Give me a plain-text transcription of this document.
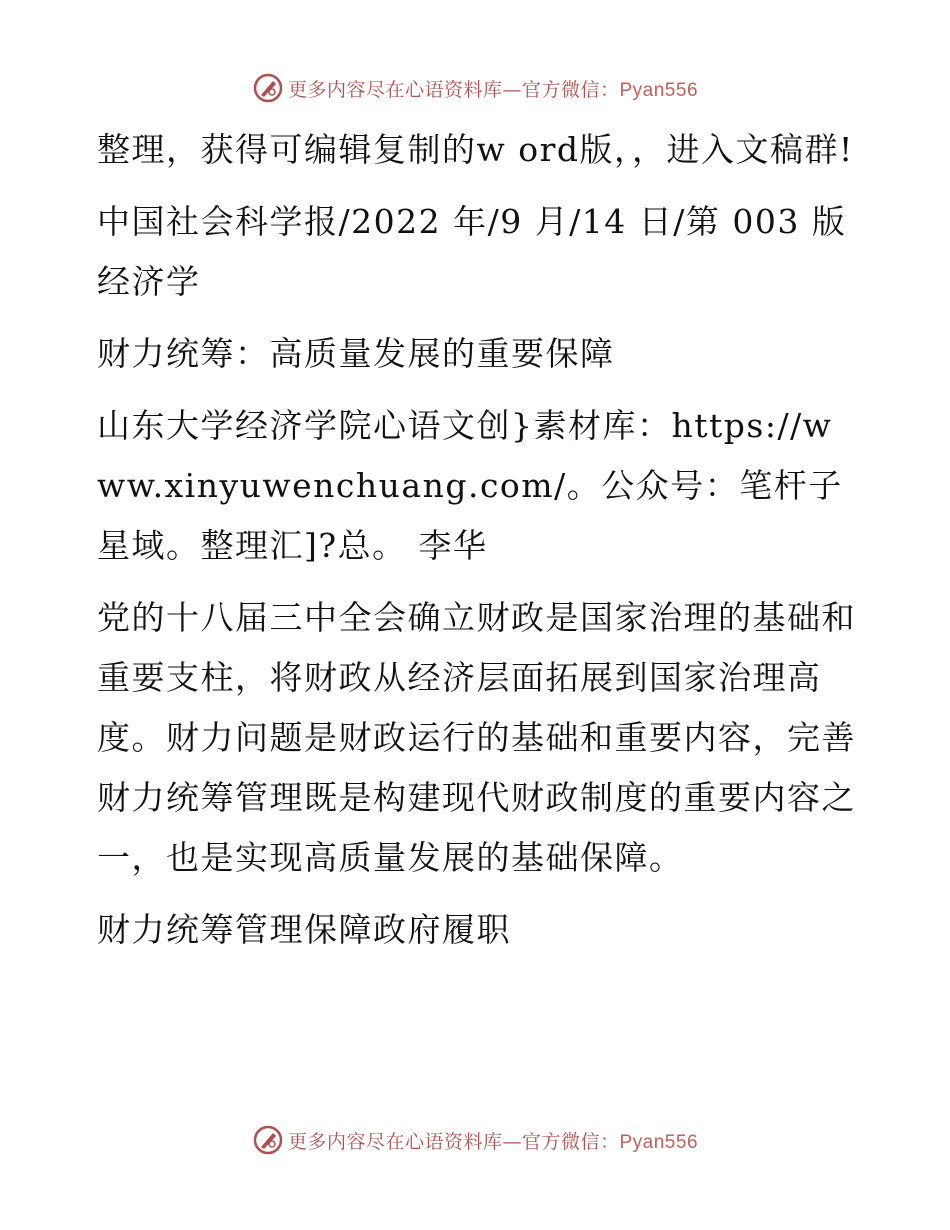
更多内容尽在心语资料库—官方微信：Pyan556

整理，获得可编辑复制的w ord版，，进入文稿群!

中国社会科学报/2022 年/9 月/14 日/第 003 版经济学

财力统筹：高质量发展的重要保障

山东大学经济学院心语文创}素材库：https://www.xinyuwenchuang.com/。公众号：笔杆子星域。整理汇]?总。 李华

党的十八届三中全会确立财政是国家治理的基础和重要支柱，将财政从经济层面拓展到国家治理高度。财力问题是财政运行的基础和重要内容，完善财力统筹管理既是构建现代财政制度的重要内容之一，也是实现高质量发展的基础保障。

财力统筹管理保障政府履职

更多内容尽在心语资料库—官方微信：Pyan556
